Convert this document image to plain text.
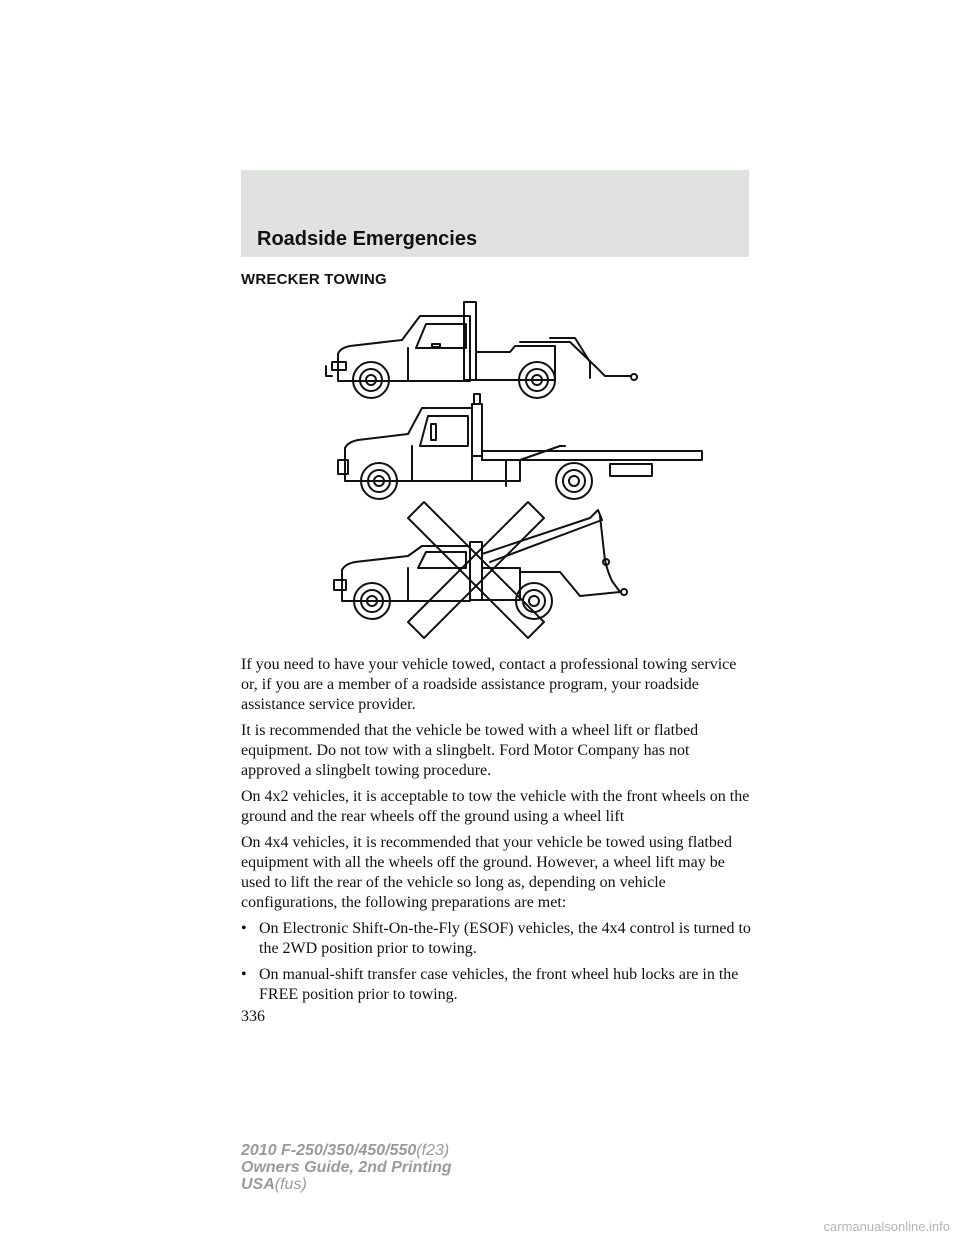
Roadside Emergencies
WRECKER TOWING

If you need to have your vehicle towed, contact a professional towing service or, if you are a member of a roadside assistance program, your roadside assistance service provider.

It is recommended that the vehicle be towed with a wheel lift or flatbed equipment. Do not tow with a slingbelt. Ford Motor Company has not approved a slingbelt towing procedure.

On 4x2 vehicles, it is acceptable to tow the vehicle with the front wheels on the ground and the rear wheels off the ground using a wheel lift

On 4x4 vehicles, it is recommended that your vehicle be towed using flatbed equipment with all the wheels off the ground. However, a wheel lift may be used to lift the rear of the vehicle so long as, depending on vehicle configurations, the following preparations are met:

• On Electronic Shift-On-the-Fly (ESOF) vehicles, the 4x4 control is turned to the 2WD position prior to towing.
• On manual-shift transfer case vehicles, the front wheel hub locks are in the FREE position prior to towing.
336
2010 F-250/350/450/550(f23)
Owners Guide, 2nd Printing
USA(fus)
carmanualsonline.info
